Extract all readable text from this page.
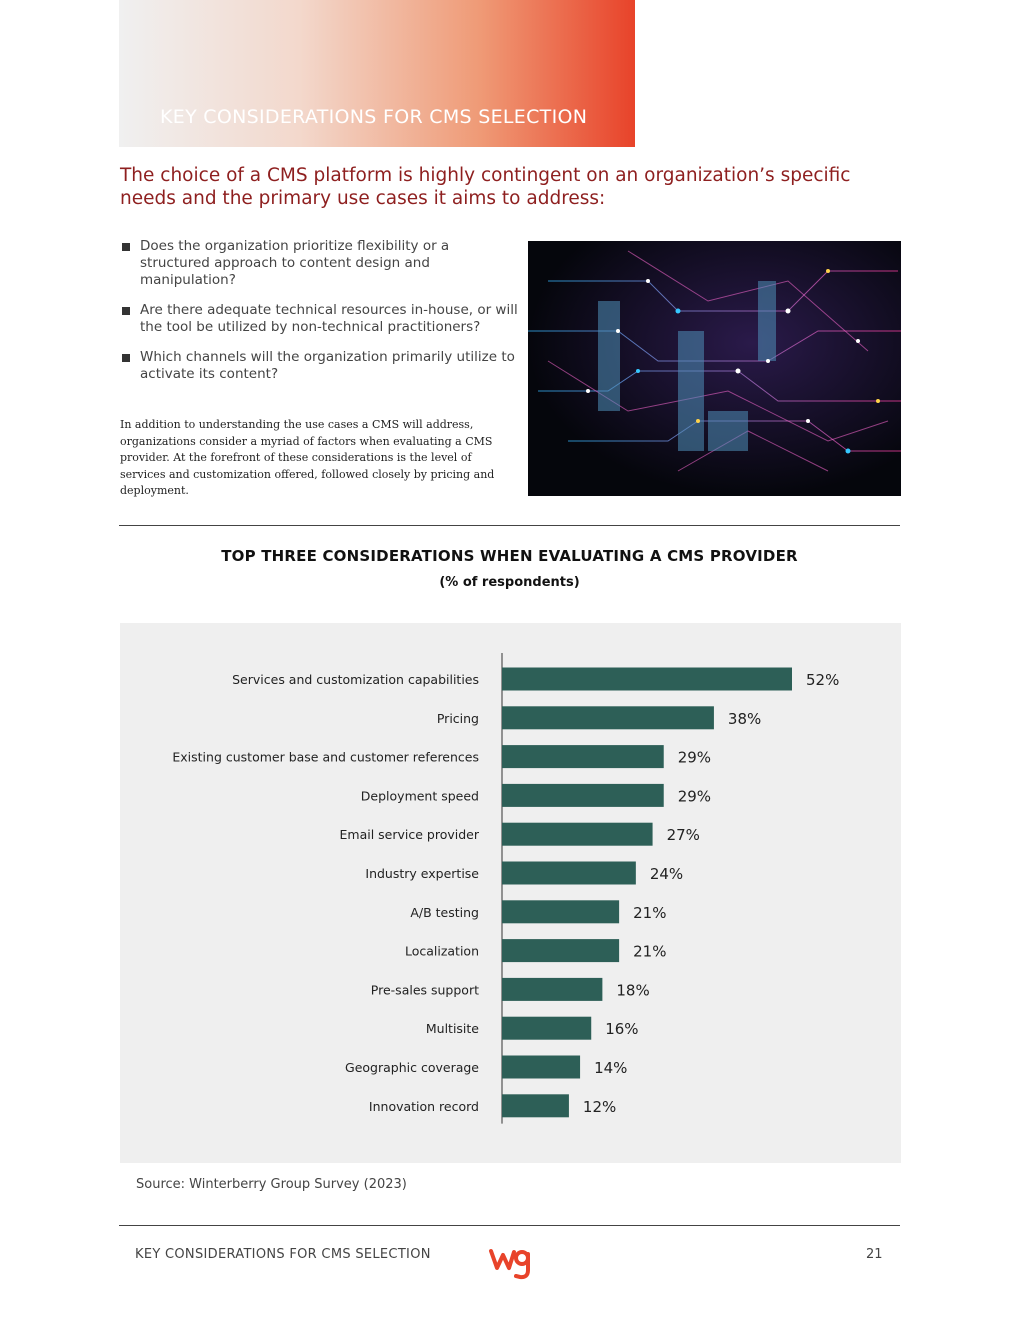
KEY CONSIDERATIONS FOR CMS SELECTION
The choice of a CMS platform is highly contingent on an organization’s specific needs and the primary use cases it aims to address:
Does the organization prioritize flexibility or a structured approach to content design and manipulation?
Are there adequate technical resources in-house, or will the tool be utilized by non-technical practitioners?
Which channels will the organization primarily utilize to activate its content?
In addition to understanding the use cases a CMS will address, organizations consider a myriad of factors when evaluating a CMS provider. At the forefront of these considerations is the level of services and customization offered, followed closely by pricing and deployment.
TOP THREE CONSIDERATIONS WHEN EVALUATING A CMS PROVIDER
(% of respondents)
Services and customization capabilities	52%
Pricing	38%
Existing customer base and customer references	29%
Deployment speed	29%
Email service provider	27%
Industry expertise	24%
A/B testing	21%
Localization	21%
Pre-sales support	18%
Multisite	16%
Geographic coverage	14%
Innovation record	12%
Source: Winterberry Group Survey (2023)
KEY CONSIDERATIONS FOR CMS SELECTION	21
